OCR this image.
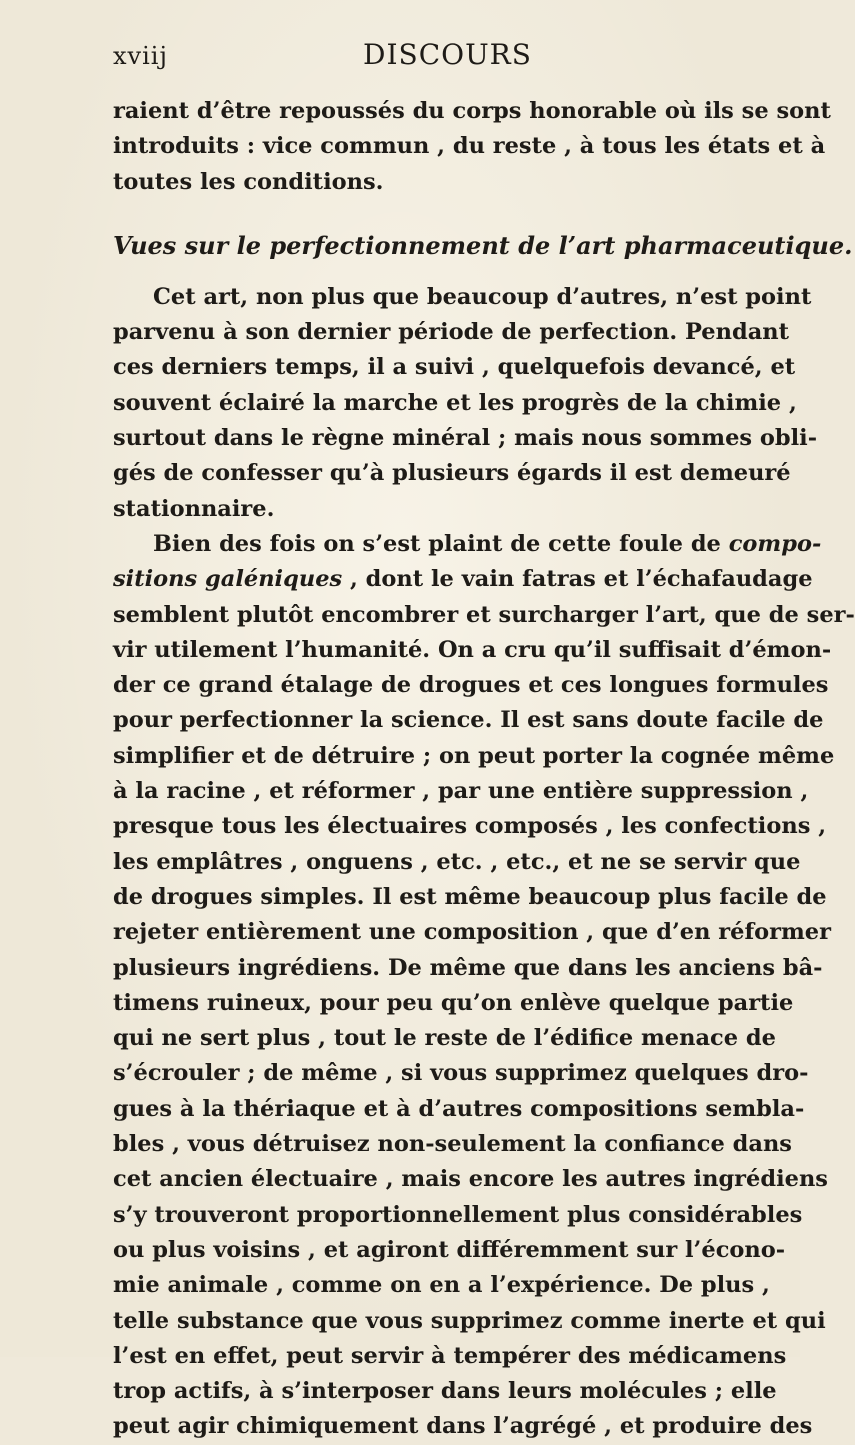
xviij	DISCOURS
raient d’être repoussés du corps honorable où ils se sont
introduits : vice commun , du reste , à tous les états et à
toutes les conditions.
Vues sur le perfectionnement de l’art pharmaceutique.
Cet art, non plus que beaucoup d’autres, n’est point
parvenu à son dernier période de perfection. Pendant
ces derniers temps, il a suivi , quelquefois devancé, et
souvent éclairé la marche et les progrès de la chimie ,
surtout dans le règne minéral ; mais nous sommes obli-
gés de confesser qu’à plusieurs égards il est demeuré
stationnaire.
Bien des fois on s’est plaint de cette foule de compo-
sitions galéniques , dont le vain fatras et l’échafaudage
semblent plutôt encombrer et surcharger l’art, que de ser-
vir utilement l’humanité. On a cru qu’il suffisait d’émon-
der ce grand étalage de drogues et ces longues formules
pour perfectionner la science. Il est sans doute facile de
simplifier et de détruire ; on peut porter la cognée même
à la racine , et réformer , par une entière suppression ,
presque tous les électuaires composés , les confections ,
les emplâtres , onguens , etc. , etc., et ne se servir que
de drogues simples. Il est même beaucoup plus facile de
rejeter entièrement une composition , que d’en réformer
plusieurs ingrédiens. De même que dans les anciens bâ-
timens ruineux, pour peu qu’on enlève quelque partie
qui ne sert plus , tout le reste de l’édifice menace de
s’écrouler ; de même , si vous supprimez quelques dro-
gues à la thériaque et à d’autres compositions sembla-
bles , vous détruisez non-seulement la confiance dans
cet ancien électuaire , mais encore les autres ingrédiens
s’y trouveront proportionnellement plus considérables
ou plus voisins , et agiront différemment sur l’écono-
mie animale , comme on en a l’expérience. De plus ,
telle substance que vous supprimez comme inerte et qui
l’est en effet, peut servir à tempérer des médicamens
trop actifs, à s’interposer dans leurs molécules ; elle
peut agir chimiquement dans l’agrégé , et produire des
